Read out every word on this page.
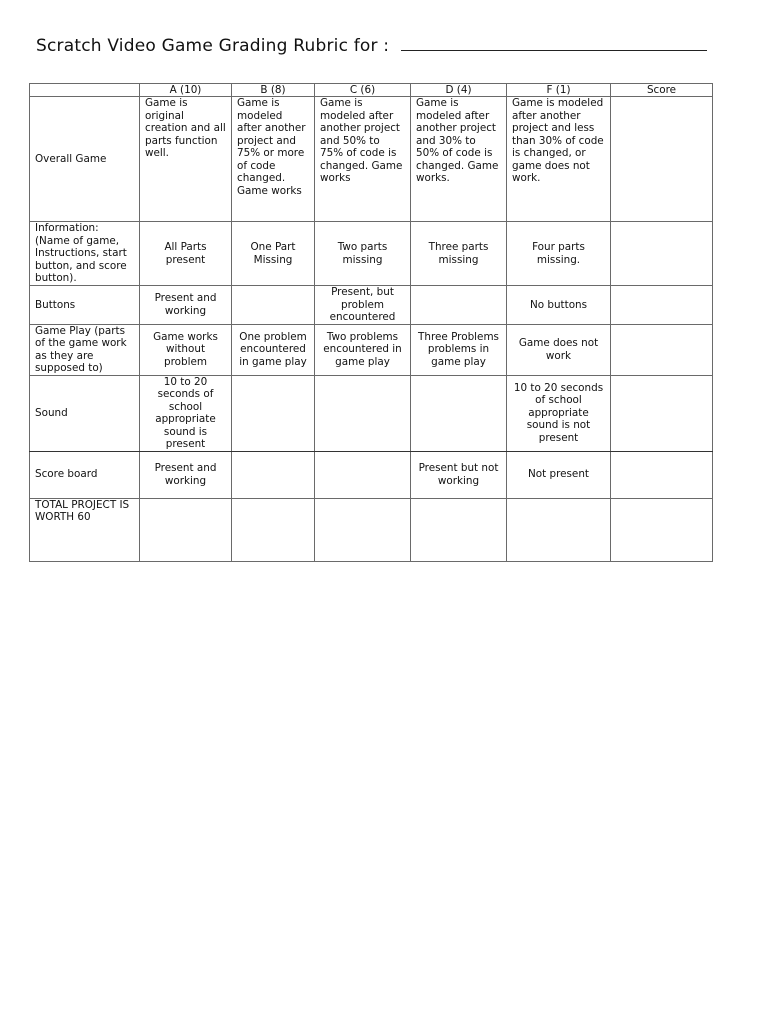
Scratch Video Game Grading Rubric for :
	A (10)	B (8)	C (6)	D (4)	F (1)	Score
Overall Game	Game is original creation and all parts function well.	Game is modeled after another project and 75% or more of code changed. Game works	Game is modeled after another project and 50% to 75% of code is changed. Game works	Game is modeled after another project and 30% to 50% of code is changed. Game works.	Game is modeled after another project and less than 30% of code is changed, or game does not work.	
Information: (Name of game, Instructions, start button, and score button).	All Parts present	One Part Missing	Two parts missing	Three parts missing	Four parts missing.	
Buttons	Present and working		Present, but problem encountered		No buttons	
Game Play (parts of the game work as they are supposed to)	Game works without problem	One problem encountered in game play	Two problems encountered in game play	Three Problems problems in game play	Game does not work	
Sound	10 to 20 seconds of school appropriate sound is present				10 to 20 seconds of school appropriate sound is not present	
Score board	Present and working			Present but not working	Not present	
TOTAL PROJECT IS WORTH 60						
